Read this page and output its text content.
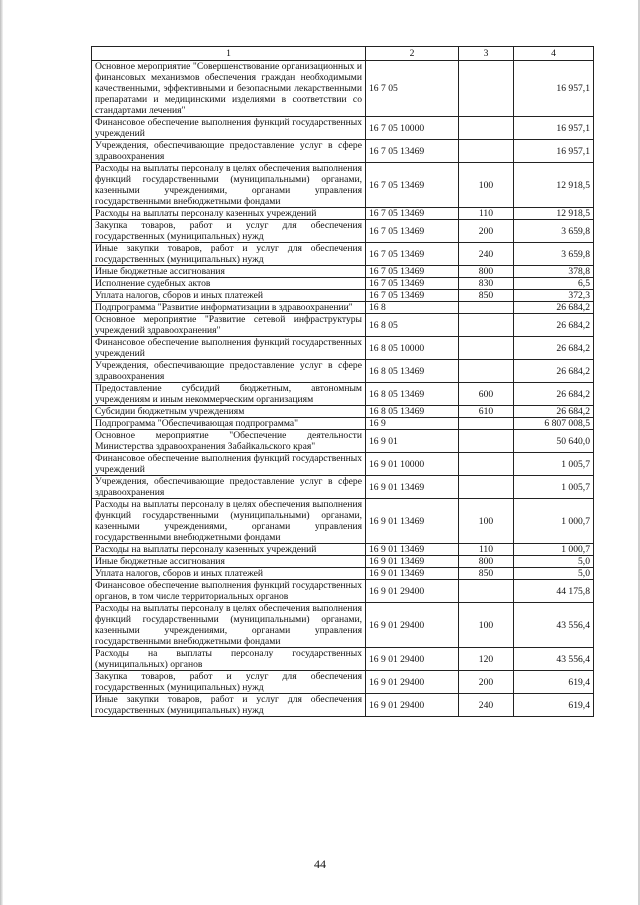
1	2	3	4
Основное мероприятие "Совершенствование организационных и финансовых механизмов обеспечения граждан необходимыми качественными, эффективными и безопасными лекарственными препаратами и медицинскими изделиями в соответствии со стандартами лечения"	16 7 05		16 957,1
Финансовое обеспечение выполнения функций государственных учреждений	16 7 05 10000		16 957,1
Учреждения, обеспечивающие предоставление услуг в сфере здравоохранения	16 7 05 13469		16 957,1
Расходы на выплаты персоналу в целях обеспечения выполнения функций государственными (муниципальными) органами, казенными учреждениями, органами управления государственными внебюджетными фондами	16 7 05 13469	100	12 918,5
Расходы на выплаты персоналу казенных учреждений	16 7 05 13469	110	12 918,5
Закупка товаров, работ и услуг для обеспечения государственных (муниципальных) нужд	16 7 05 13469	200	3 659,8
Иные закупки товаров, работ и услуг для обеспечения государственных (муниципальных) нужд	16 7 05 13469	240	3 659,8
Иные бюджетные ассигнования	16 7 05 13469	800	378,8
Исполнение судебных актов	16 7 05 13469	830	6,5
Уплата налогов, сборов и иных платежей	16 7 05 13469	850	372,3
Подпрограмма "Развитие информатизации в здравоохранении"	16 8		26 684,2
Основное мероприятие "Развитие сетевой инфраструктуры учреждений здравоохранения"	16 8 05		26 684,2
Финансовое обеспечение выполнения функций государственных учреждений	16 8 05 10000		26 684,2
Учреждения, обеспечивающие предоставление услуг в сфере здравоохранения	16 8 05 13469		26 684,2
Предоставление субсидий бюджетным, автономным учреждениям и иным некоммерческим организациям	16 8 05 13469	600	26 684,2
Субсидии бюджетным учреждениям	16 8 05 13469	610	26 684,2
Подпрограмма "Обеспечивающая подпрограмма"	16 9		6 807 008,5
Основное мероприятие "Обеспечение деятельности Министерства здравоохранения Забайкальского края"	16 9 01		50 640,0
Финансовое обеспечение выполнения функций государственных учреждений	16 9 01 10000		1 005,7
Учреждения, обеспечивающие предоставление услуг в сфере здравоохранения	16 9 01 13469		1 005,7
Расходы на выплаты персоналу в целях обеспечения выполнения функций государственными (муниципальными) органами, казенными учреждениями, органами управления государственными внебюджетными фондами	16 9 01 13469	100	1 000,7
Расходы на выплаты персоналу казенных учреждений	16 9 01 13469	110	1 000,7
Иные бюджетные ассигнования	16 9 01 13469	800	5,0
Уплата налогов, сборов и иных платежей	16 9 01 13469	850	5,0
Финансовое обеспечение выполнения функций государственных органов, в том числе территориальных органов	16 9 01 29400		44 175,8
Расходы на выплаты персоналу в целях обеспечения выполнения функций государственными (муниципальными) органами, казенными учреждениями, органами управления государственными внебюджетными фондами	16 9 01 29400	100	43 556,4
Расходы на выплаты персоналу государственных (муниципальных) органов	16 9 01 29400	120	43 556,4
Закупка товаров, работ и услуг для обеспечения государственных (муниципальных) нужд	16 9 01 29400	200	619,4
Иные закупки товаров, работ и услуг для обеспечения государственных (муниципальных) нужд	16 9 01 29400	240	619,4
44
